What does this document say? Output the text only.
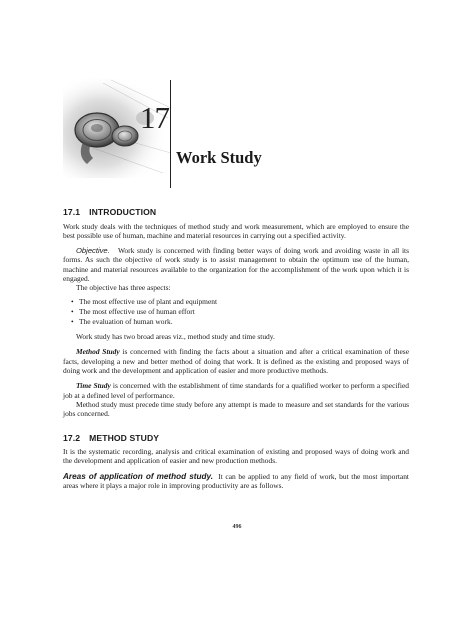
17
Work Study
17.1 INTRODUCTION

Work study deals with the techniques of method study and work measurement, which are employed to ensure the best possible use of human, machine and material resources in carrying out a specified activity.

Objective. Work study is concerned with finding better ways of doing work and avoiding waste in all its forms. As such the objective of work study is to assist management to obtain the optimum use of the human, machine and material resources available to the organization for the accomplishment of the work upon which it is engaged.

The objective has three aspects:

• The most effective use of plant and equipment
• The most effective use of human effort
• The evaluation of human work.

Work study has two broad areas viz., method study and time study.

Method Study is concerned with finding the facts about a situation and after a critical examination of these facts, developing a new and better method of doing that work. It is defined as the existing and proposed ways of doing work and the development and application of easier and more productive methods.

Time Study is concerned with the establishment of time standards for a qualified worker to perform a specified job at a defined level of performance.

Method study must precede time study before any attempt is made to measure and set standards for the various jobs concerned.

17.2 METHOD STUDY

It is the systematic recording, analysis and critical examination of existing and proposed ways of doing work and the development and application of easier and new production methods.

Areas of application of method study. It can be applied to any field of work, but the most important areas where it plays a major role in improving productivity are as follows.

496
